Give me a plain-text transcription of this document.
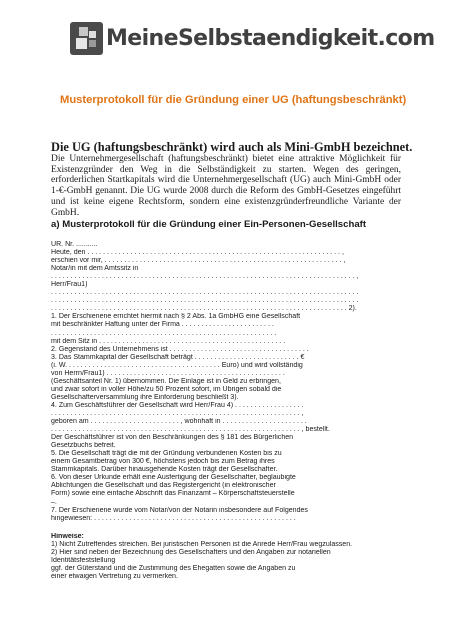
MeineSelbstaendigkeit.com
Musterprotokoll für die Gründung einer UG (haftungsbeschränkt)
Die UG (haftungsbeschränkt) wird auch als Mini-GmbH bezeichnet.
Die Unternehmergesellschaft (haftungsbeschränkt) bietet eine attraktive Möglichkeit für Existenzgründer den Weg in die Selbständigkeit zu starten. Wegen des geringen, erforderlichen Startkapitals wird die Unternehmergesellschaft (UG) auch Mini-GmbH oder 1-€-GmbH genannt. Die UG wurde 2008 durch die Reform des GmbH-Gesetzes eingeführt und ist keine eigene Rechtsform, sondern eine existenzgründerfreundliche Variante der GmbH.
a) Musterprotokoll für die Gründung einer Ein-Personen-Gesellschaft
UR. Nr. ...........
Heute, den . . . . . . . . . . . . . . . . . . . . . . . . . . . . . . . . . . . . . . . . . . . . . . . . . . . . . . . . . . . . . . . . . ,
erschien vor mir, . . . . . . . . . . . . . . . . . . . . . . . . . . . . . . . . . . . . . . . . . . . . . . . . . . . . . . . . . . . . . ,
Notar/in mit dem Amtssitz in
. . . . . . . . . . . . . . . . . . . . . . . . . . . . . . . . . . . . . . . . . . . . . . . . . . . . . . . . . . . . . . . . . . . . . . . . . . . . . . ,
Herr/Frau1)
. . . . . . . . . . . . . . . . . . . . . . . . . . . . . . . . . . . . . . . . . . . . . . . . . . . . . . . . . . . . . . . . . . . . . . . . . . . . . . .
. . . . . . . . . . . . . . . . . . . . . . . . . . . . . . . . . . . . . . . . . . . . . . . . . . . . . . . . . . . . . . . . . . . . . . . . . . . . . . .
. . . . . . . . . . . . . . . . . . . . . . . . . . . . . . . . . . . . . . . . . . . . . . . . . . . . . . . . . . . . . . . . . . . . . . . . . . . . 2).
1. Der Erschienene errichtet hiermit nach § 2 Abs. 1a GmbHG eine Gesellschaft
mit beschränkter Haftung unter der Firma . . . . . . . . . . . . . . . . . . . . . . . .
. . . . . . . . . . . . . . . . . . . . . . . . . . . . . . . . . . . . . . . . . . . . . . . . . . . . . . . . . .
mit dem Sitz in . . . . . . . . . . . . . . . . . . . . . . . . . . . . . . . . . . . . . . . . . . . . . . . .
2. Gegenstand des Unternehmens ist . . . . . . . . . . . . . . . . . . . . . . . . . . . . . . . . . . . .
3. Das Stammkapital der Gesellschaft beträgt . . . . . . . . . . . . . . . . . . . . . . . . . . . €
(i. W. . . . . . . . . . . . . . . . . . . . . . . . . . . . . . . . . . . . . . . . Euro) und wird vollständig
von Herrn/Frau1) . . . . . . . . . . . . . . . . . . . . . . . . . . . . . . . . . . . . . . . . . . . . . .
(Geschäftsanteil Nr. 1) übernommen. Die Einlage ist in Geld zu erbringen,
und zwar sofort in voller Höhe/zu 50 Prozent sofort, im Übrigen sobald die
Gesellschafterversammlung ihre Einforderung beschließt 3).
4. Zum Geschäftsführer der Gesellschaft wird Herr/Frau 4) . . . . . . . . . . . . . . . . . .
. . . . . . . . . . . . . . . . . . . . . . . . . . . . . . . . . . . . . . . . . . . . . . . . . . . . . . . . . . . . . . . . ,
geboren am . . . . . . . . . . . . . . . . . . . . . . . , wohnhaft in . . . . . . . . . . . . . . . . . . . . . .
. . . . . . . . . . . . . . . . . . . . . . . . . . . . . . . . . . . . . . . . . . . . . . . . . . . . . . . . . . . . . . . . , bestellt.
Der Geschäftsführer ist von den Beschränkungen des § 181 des Bürgerlichen
Gesetzbuchs befreit.
5. Die Gesellschaft trägt die mit der Gründung verbundenen Kosten bis zu
einem Gesamtbetrag von 300 €, höchstens jedoch bis zum Betrag ihres
Stammkapitals. Darüber hinausgehende Kosten trägt der Gesellschafter.
6. Von dieser Urkunde erhält eine Ausfertigung der Gesellschafter, beglaubigte
Ablichtungen die Gesellschaft und das Registergericht (in elektronischer
Form) sowie eine einfache Abschrift das Finanzamt – Körperschaftsteuerstelle
–.
7. Der Erschienene wurde vom Notar/von der Notarin insbesondere auf Folgendes
hingewiesen: . . . . . . . . . . . . . . . . . . . . . . . . . . . . . . . . . . . . . . . . . . . . . . . . . . . .
Hinweise:
1) Nicht Zutreffendes streichen. Bei juristischen Personen ist die Anrede Herr/Frau wegzulassen.
2) Hier sind neben der Bezeichnung des Gesellschafters und den Angaben zur notariellen
Identitätsfeststellung
ggf. der Güterstand und die Zustimmung des Ehegatten sowie die Angaben zu
einer etwaigen Vertretung zu vermerken.
